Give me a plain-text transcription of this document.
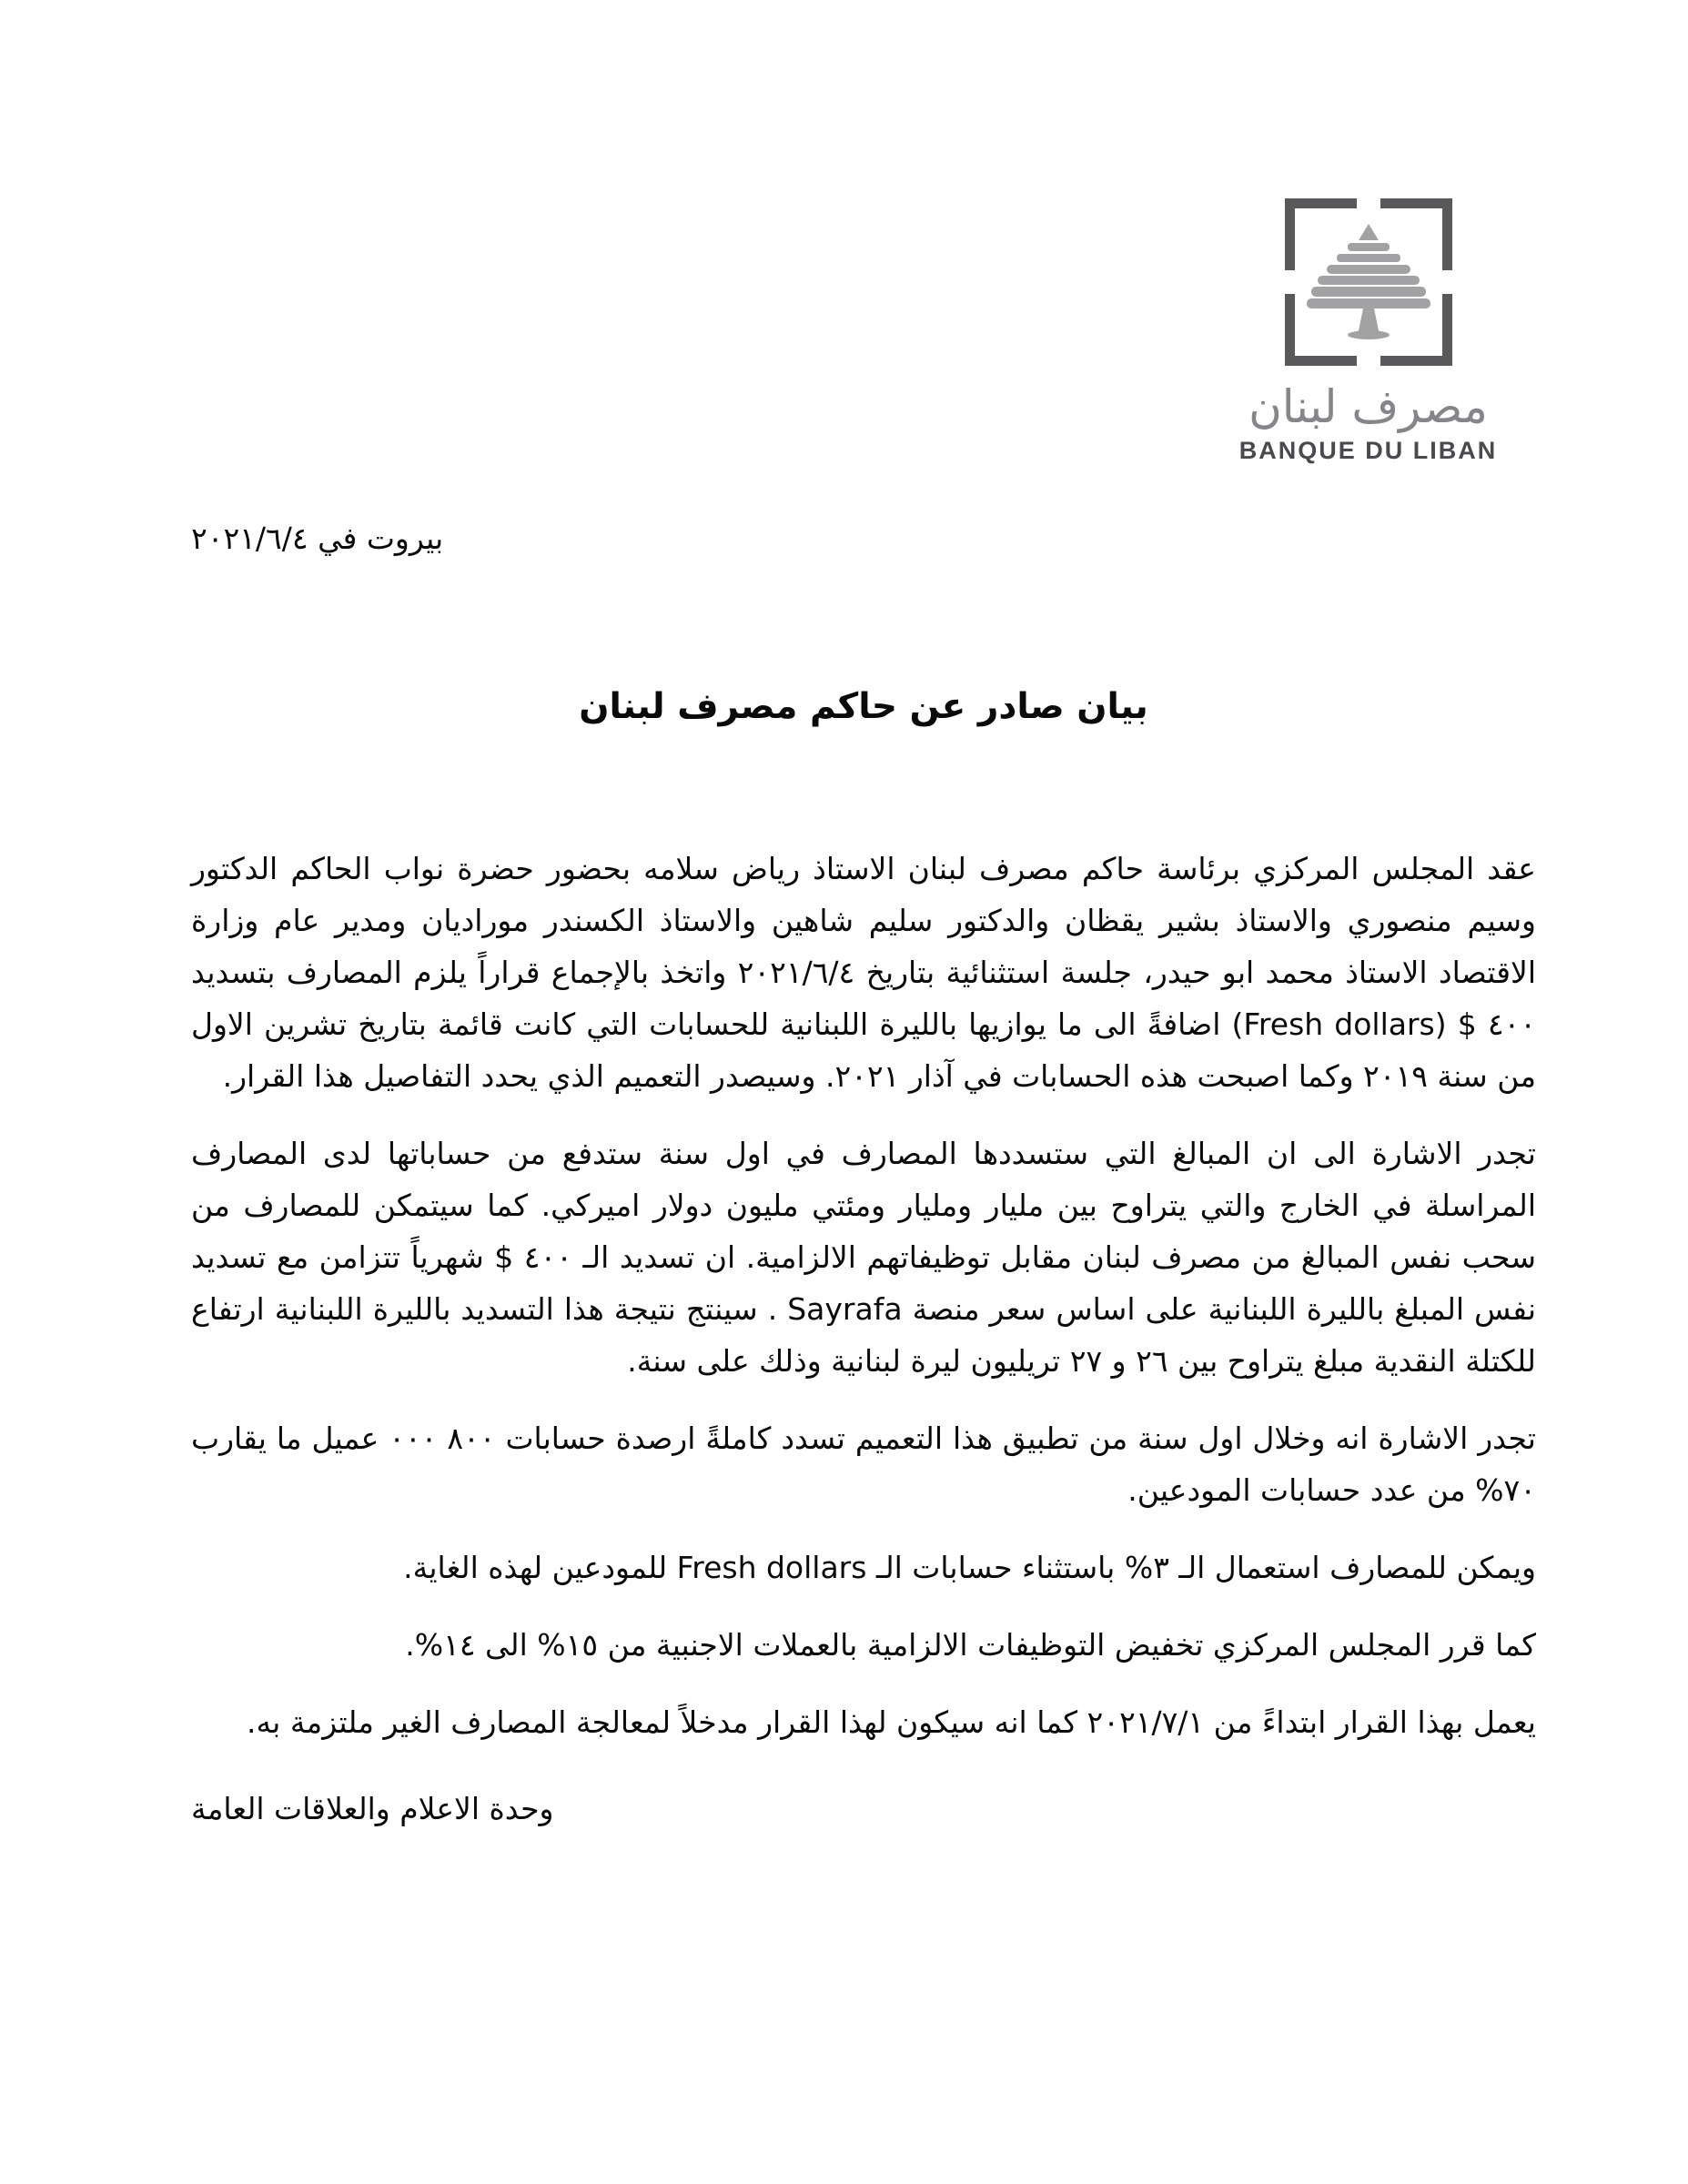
مصرف لبنان
BANQUE DU LIBAN
بيروت في ٢٠٢١/٦/٤
بيان صادر عن حاكم مصرف لبنان

عقد المجلس المركزي برئاسة حاكم مصرف لبنان الاستاذ رياض سلامه بحضور حضرة نواب الحاكم الدكتور وسيم منصوري والاستاذ بشير يقظان والدكتور سليم شاهين والاستاذ الكسندر موراديان ومدير عام وزارة الاقتصاد الاستاذ محمد ابو حيدر، جلسة استثنائية بتاريخ ٢٠٢١/٦/٤ واتخذ بالإجماع قراراً يلزم المصارف بتسديد ٤٠٠ $ (Fresh dollars) اضافةً الى ما يوازيها بالليرة اللبنانية للحسابات التي كانت قائمة بتاريخ تشرين الاول من سنة ٢٠١٩ وكما اصبحت هذه الحسابات في آذار ٢٠٢١. وسيصدر التعميم الذي يحدد التفاصيل هذا القرار.

تجدر الاشارة الى ان المبالغ التي ستسددها المصارف في اول سنة ستدفع من حساباتها لدى المصارف المراسلة في الخارج والتي يتراوح بين مليار ومليار ومئتي مليون دولار اميركي. كما سيتمكن للمصارف من سحب نفس المبالغ من مصرف لبنان مقابل توظيفاتهم الالزامية. ان تسديد الـ ٤٠٠ $ شهرياً تتزامن مع تسديد نفس المبلغ بالليرة اللبنانية على اساس سعر منصة Sayrafa . سينتج نتيجة هذا التسديد بالليرة اللبنانية ارتفاع للكتلة النقدية مبلغ يتراوح بين ٢٦ و ٢٧ تريليون ليرة لبنانية وذلك على سنة.

تجدر الاشارة انه وخلال اول سنة من تطبيق هذا التعميم تسدد كاملةً ارصدة حسابات ‪٨٠٠ ٠٠٠‬ عميل ما يقارب ٧٠% من عدد حسابات المودعين.

ويمكن للمصارف استعمال الـ ٣% باستثناء حسابات الـ Fresh dollars للمودعين لهذه الغاية.

كما قرر المجلس المركزي تخفيض التوظيفات الالزامية بالعملات الاجنبية من ١٥% الى ١٤%.

يعمل بهذا القرار ابتداءً من ٢٠٢١/٧/١ كما انه سيكون لهذا القرار مدخلاً لمعالجة المصارف الغير ملتزمة به.

وحدة الاعلام والعلاقات العامة
